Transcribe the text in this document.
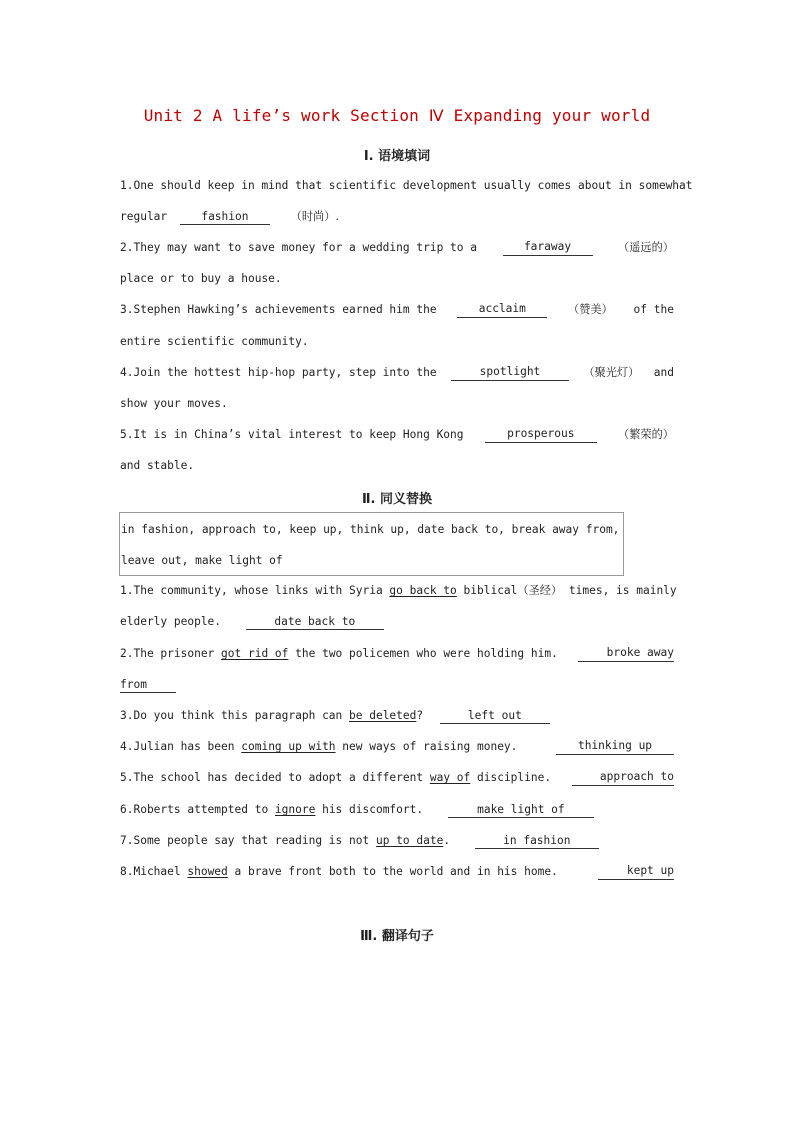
Unit 2 A life’s work Section Ⅳ Expanding your world
Ⅰ. 语境填词
1.One should keep in mind that scientific development usually comes about in somewhat
regular	fashion	（时尚）.
2.They may want to save money for a wedding trip to a	faraway	（遥远的）
place or to buy a house.
3.Stephen Hawking’s achievements earned him the	acclaim	（赞美） of the
entire scientific community.
4.Join the hottest hip-hop party, step into the	spotlight	（聚光灯） and
show your moves.
5.It is in China’s vital interest to keep Hong Kong	prosperous	（繁荣的）
and stable.
Ⅱ. 同义替换
in fashion, approach to, keep up, think up, date back to, break away from,
leave out, make light of
1.The community, whose links with Syria go back to biblical（圣经） times, is mainly
elderly people.	date back to
2.The prisoner got rid of the two policemen who were holding him.	broke away
from
3.Do you think this paragraph can be deleted?	left out
4.Julian has been coming up with new ways of raising money.	thinking up
5.The school has decided to adopt a different way of discipline.	approach to
6.Roberts attempted to ignore his discomfort.	make light of
7.Some people say that reading is not up to date.	in fashion
8.Michael showed a brave front both to the world and in his home.	kept up
Ⅲ. 翻译句子
